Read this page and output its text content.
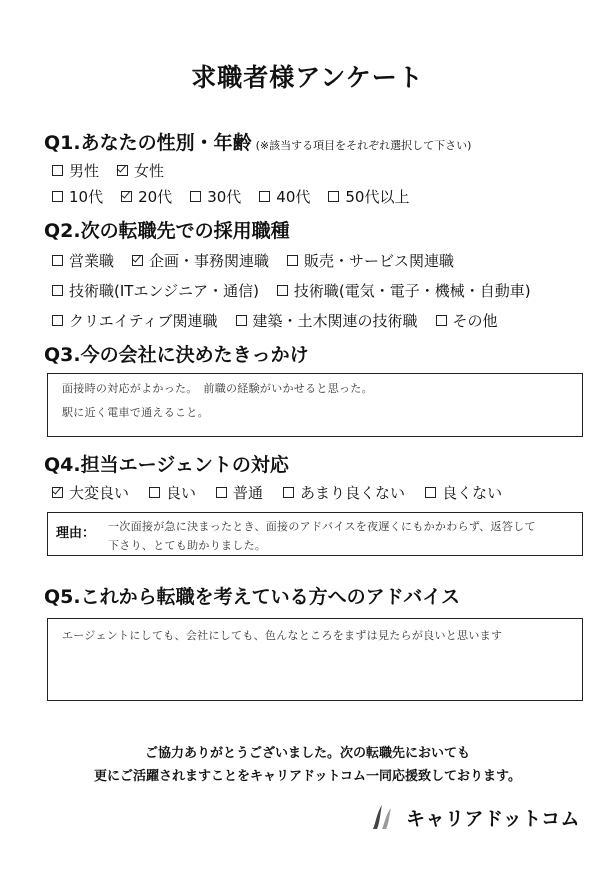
求職者様アンケート
Q1.あなたの性別・年齢 (※該当する項目をそれぞれ選択して下さい)
男性 女性
10代 20代 30代 40代 50代以上
Q2.次の転職先での採用職種
営業職 企画・事務関連職 販売・サービス関連職
技術職(ITエンジニア・通信) 技術職(電気・電子・機械・自動車)
クリエイティブ関連職 建築・土木関連の技術職 その他
Q3.今の会社に決めたきっかけ
面接時の対応がよかった。　前職の経験がいかせると思った。
駅に近く電車で通えること。
Q4.担当エージェントの対応
大変良い 良い 普通 あまり良くない 良くない
理由： 一次面接が急に決まったとき、面接のアドバイスを夜遅くにもかかわらず、返答して
下さり、とても助かりました。
Q5.これから転職を考えている方へのアドバイス
エージェントにしても、会社にしても、色んなところをまずは見たらが良いと思います
ご協力ありがとうございました。次の転職先においても
更にご活躍されますことをキャリアドットコム一同応援致しております。
キャリアドットコム
